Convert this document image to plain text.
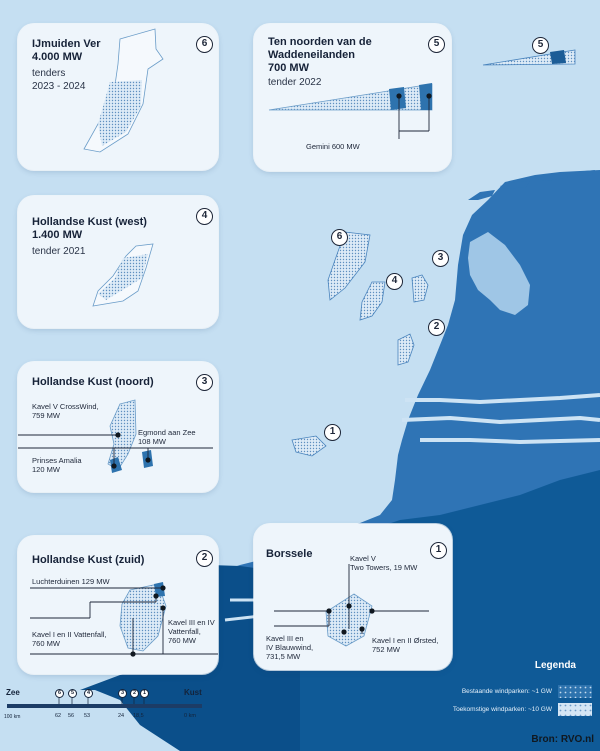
5
6
3
4
2
1
IJmuiden Ver
4.000 MW
tenders
2023 - 2024
6	Ten noorden van de
Waddeneilanden
700 MW
tender 2022
Gemini 600 MW
5
Hollandse Kust (west)
1.400 MW
tender 2021
4
Hollandse Kust (noord)
Kavel V CrossWind,
759 MW
Egmond aan Zee
108 MW
Prinses Amalia
120 MW
3
Hollandse Kust (zuid)
Luchterduinen 129 MW
Kavel I en II Vattenfall,
760 MW
Kavel III en IV
Vattenfall,
760 MW
2	Borssele	Kavel V
Two Towers, 19 MW
Kavel III en
IV Blauwwind,
731,5 MW
Kavel I en II Ørsted,
752 MW
1
Zee	Kust
100 km
6	5	4	3	2	1
62 56 53	24 18,5	0 km
Legenda
Bestaande windparken: ~1 GW
Toekomstige windparken: ~10 GW
Bron: RVO.nl
